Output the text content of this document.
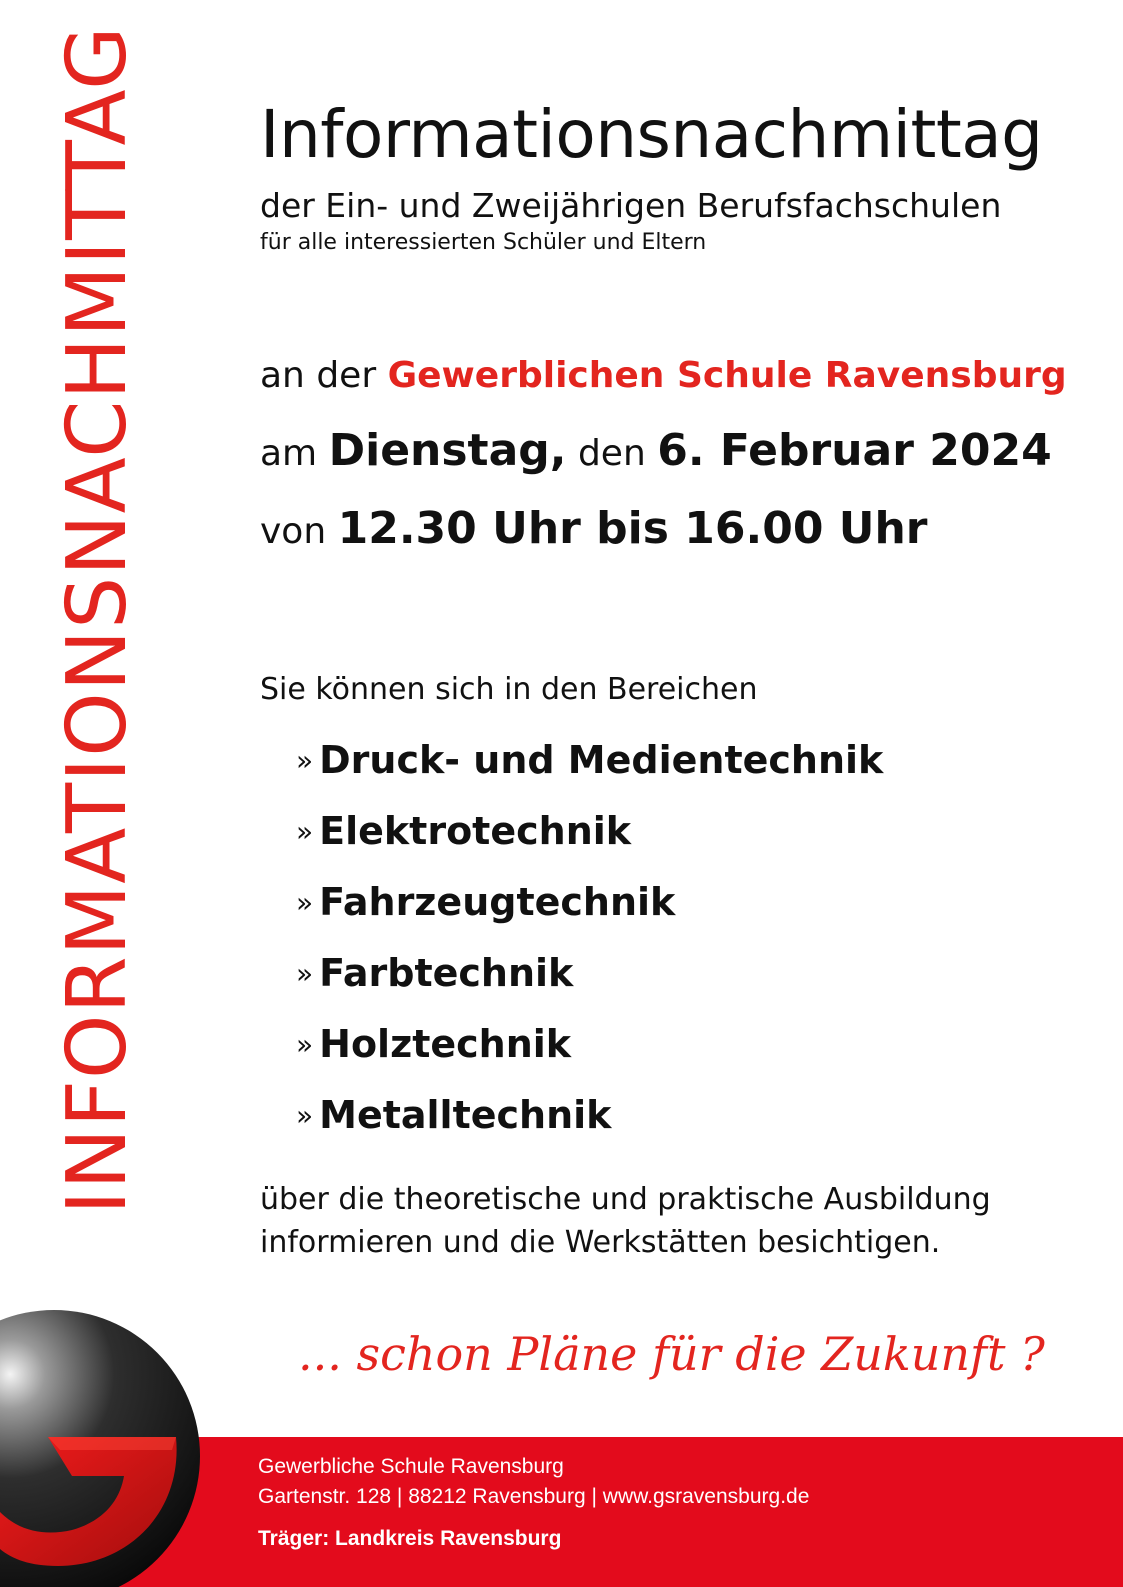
INFORMATIONSNACHMITTAG Informationsnachmittag
der Ein- und Zweijährigen Berufsfachschulen
für alle interessierten Schüler und Eltern
an der Gewerblichen Schule Ravensburg
am Dienstag, den 6. Februar 2024
von 12.30 Uhr bis 16.00 Uhr
Sie können sich in den Bereichen
» Druck- und Medientechnik
» Elektrotechnik
» Fahrzeugtechnik
» Farbtechnik
» Holztechnik
» Metalltechnik
über die theoretische und praktische Ausbildung
informieren und die Werkstätten besichtigen.
... schon Pläne für die Zukunft ?
Gewerbliche Schule Ravensburg
Gartenstr. 128 | 88212 Ravensburg | www.gsravensburg.de
Träger: Landkreis Ravensburg
